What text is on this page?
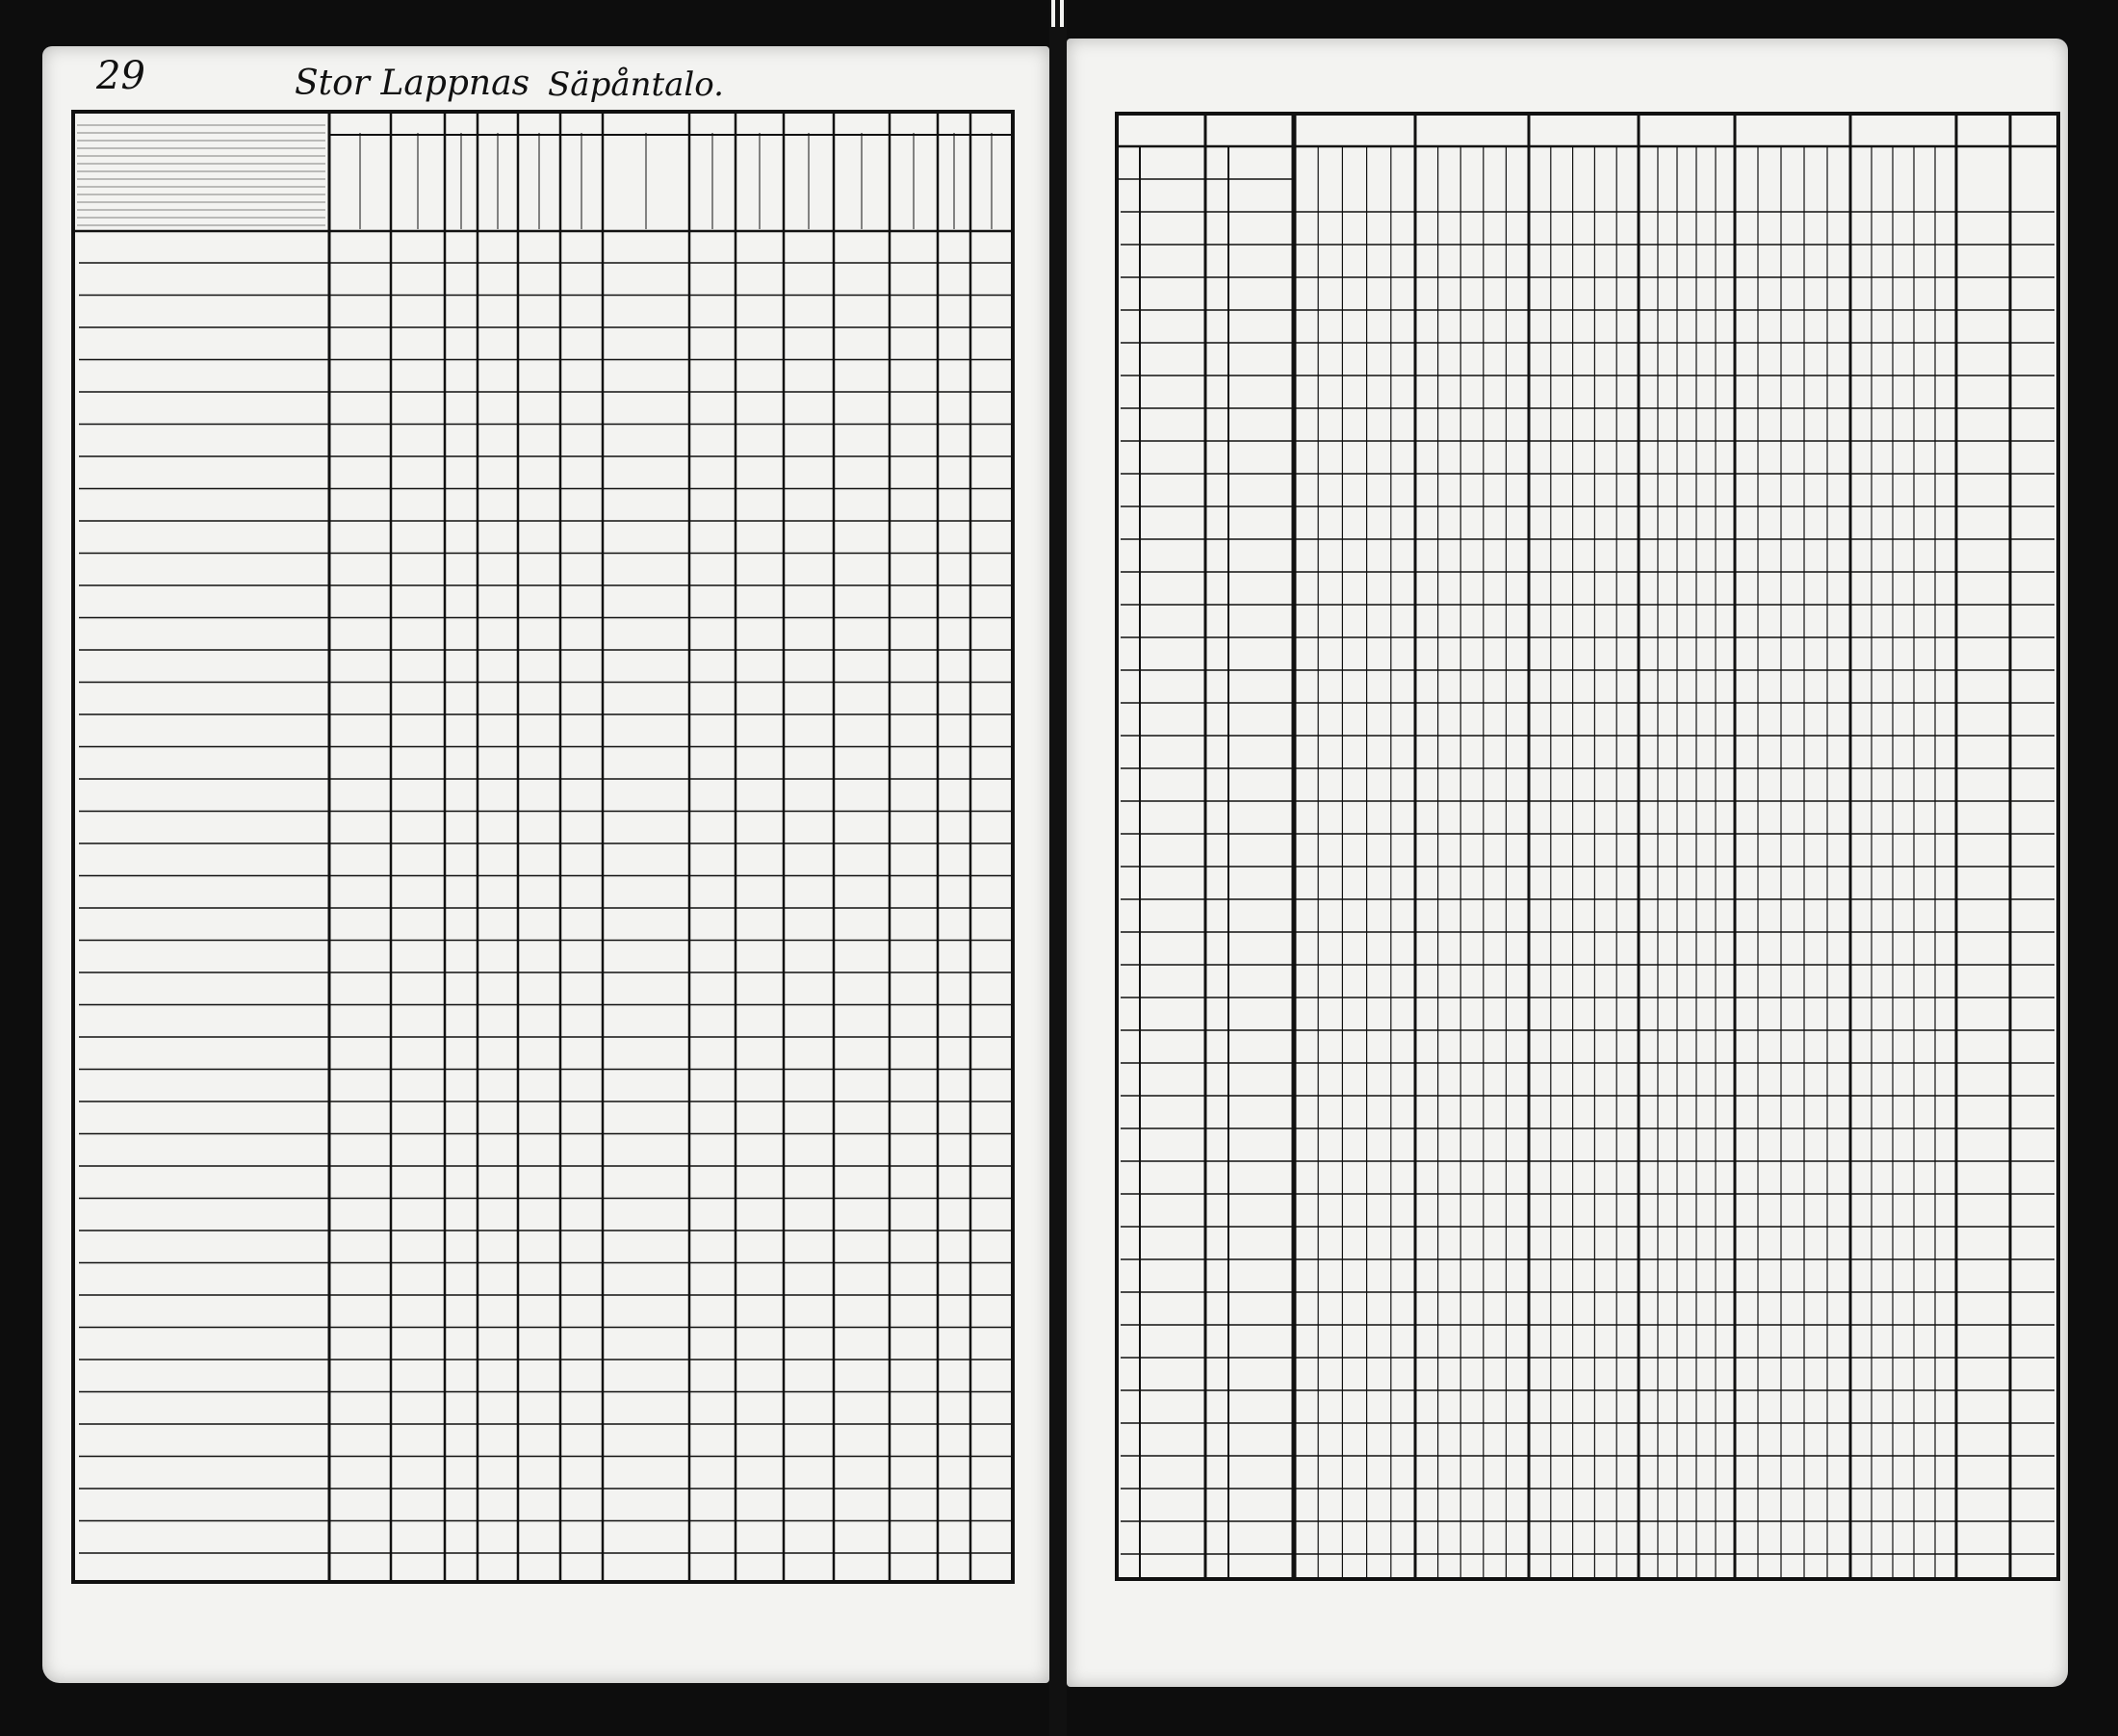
29	Stor Lappnas Säpåntalo.
